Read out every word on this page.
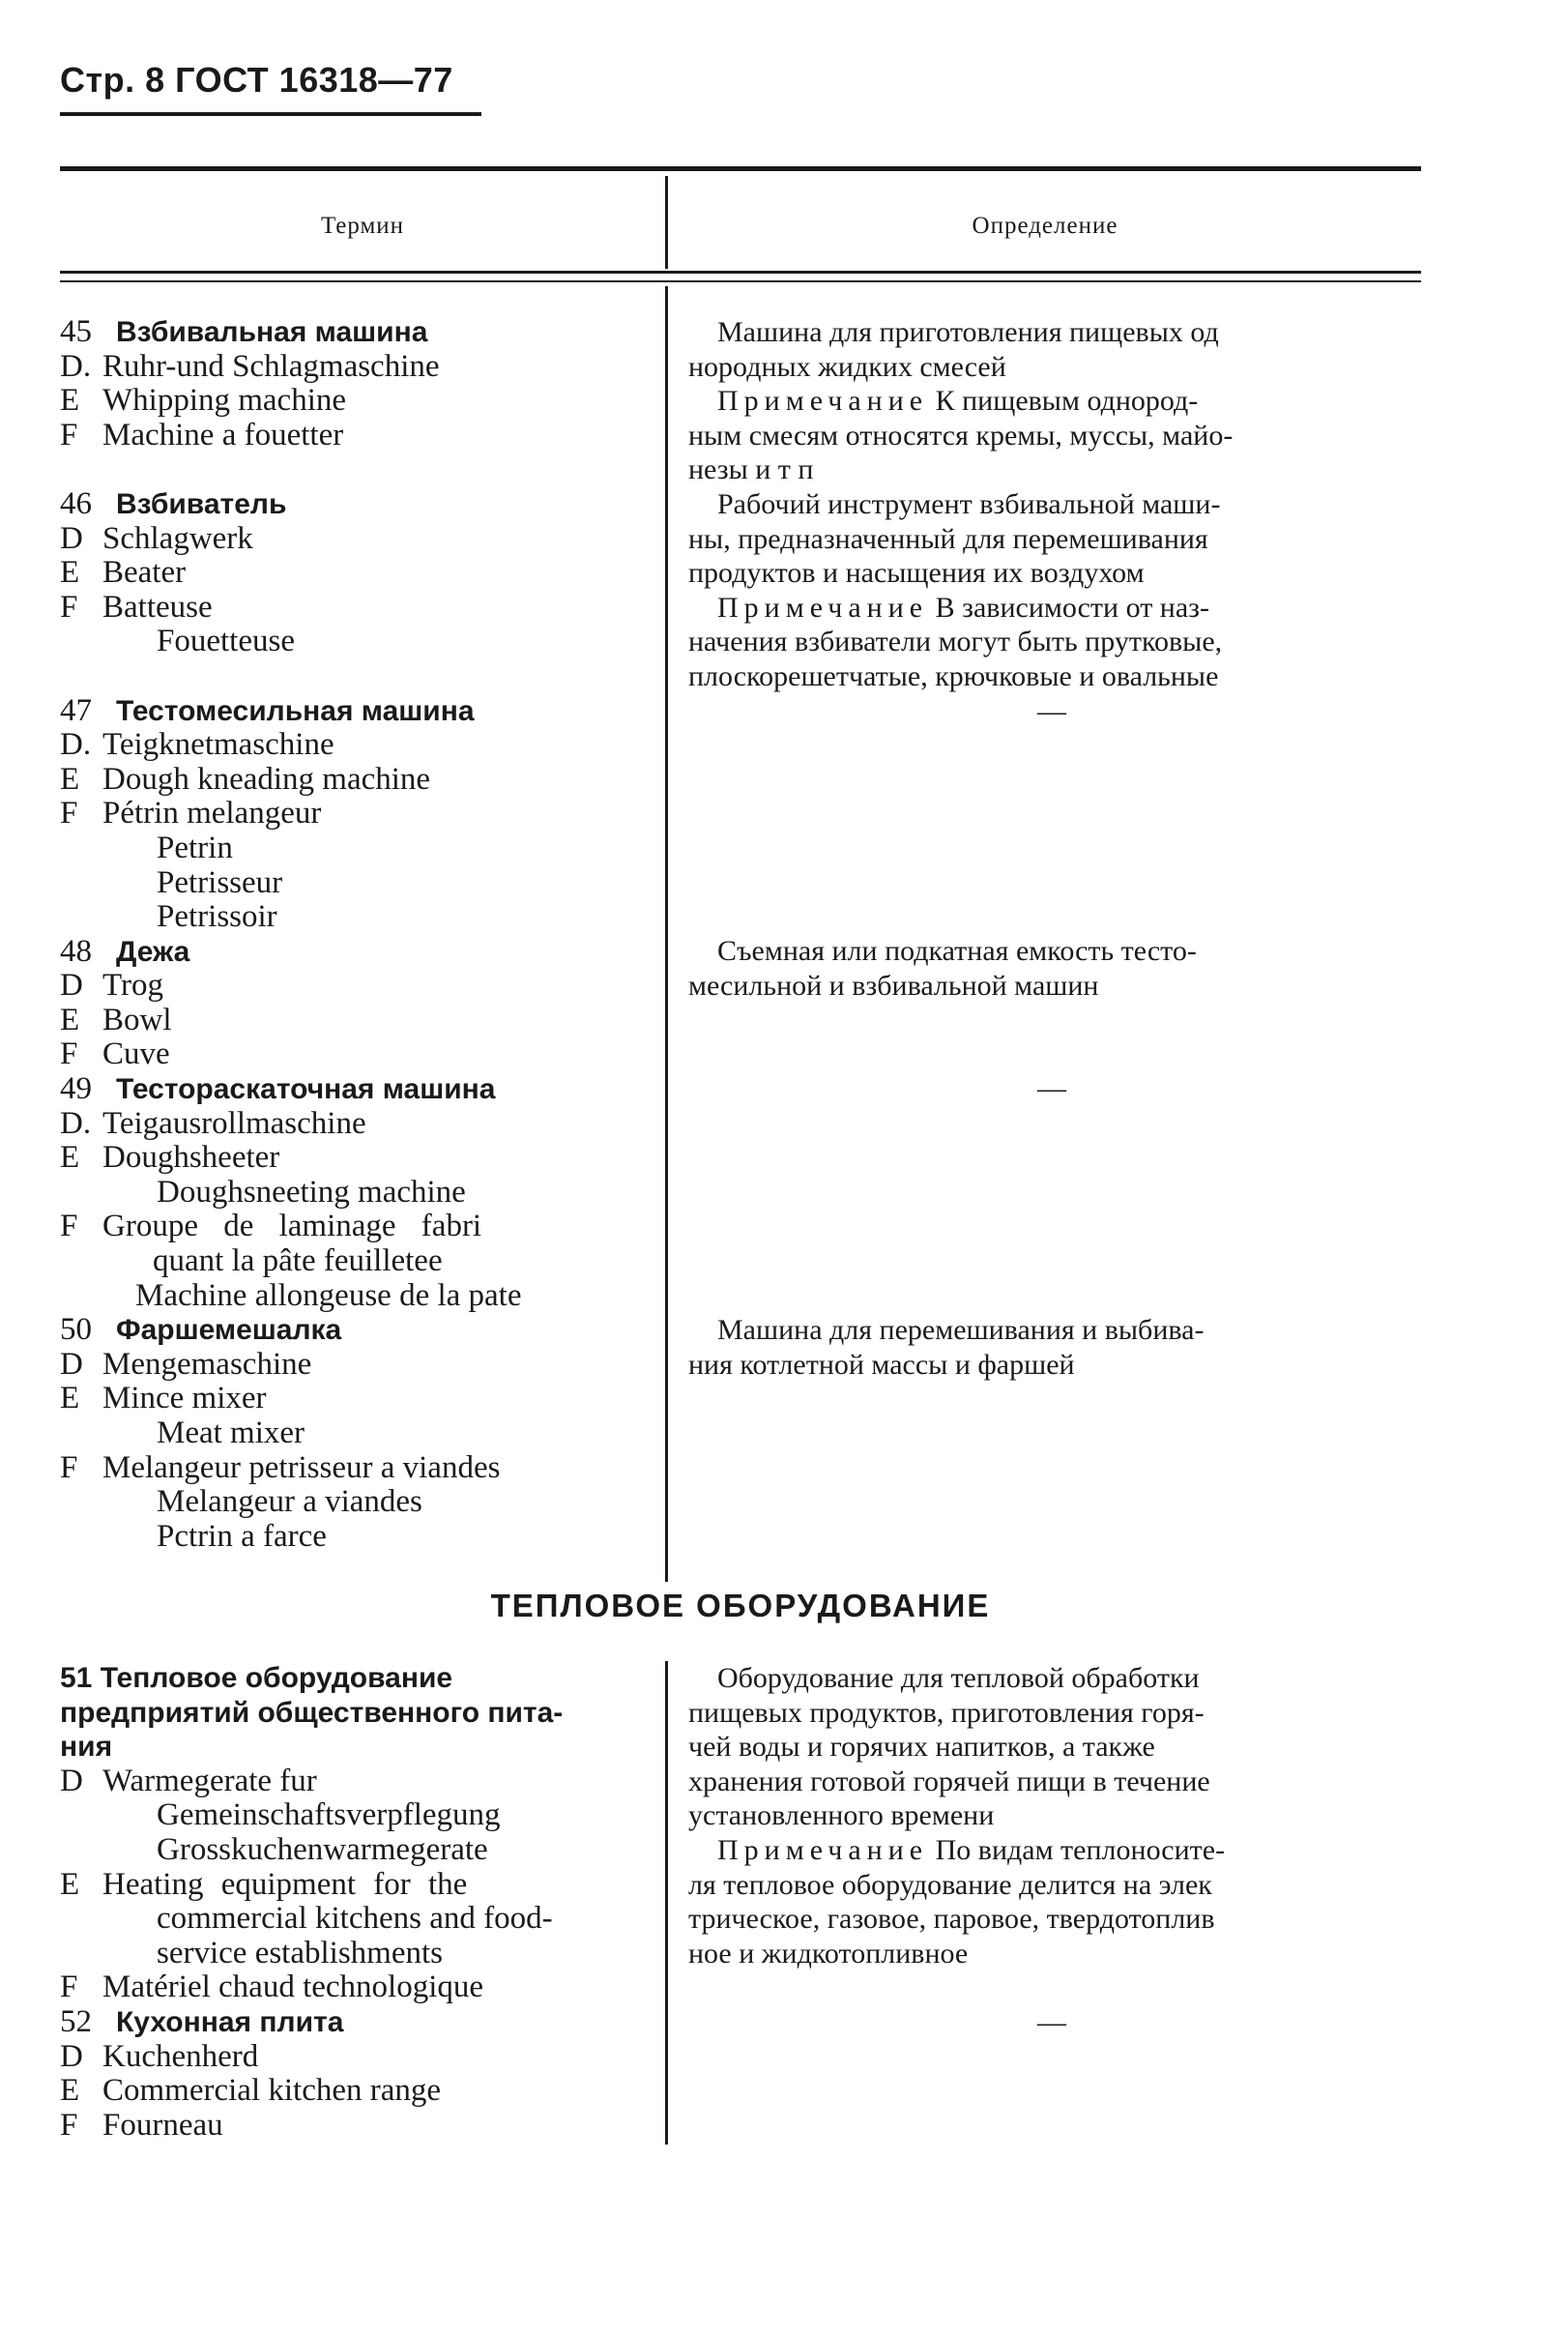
Стр. 8 ГОСТ 16318—77
Термин	Определение
45 Взбивальная машина
D. Ruhr-und Schlagmaschine
E Whipping machine
F Machine a fouetter
46 Взбиватель
D Schlagwerk
E Beater
F Batteuse
Fouetteuse
47 Тестомесильная машина
D. Teigknetmaschine
E Dough kneading machine
F Pétrin melangeur
Petrin
Petrisseur
Petrissoir
48 Дежа
D Trog
E Bowl
F Cuve
49 Тестораскаточная машина
D. Teigausrollmaschine
E Doughsheeter
Doughsneeting machine
F Groupe de laminage fabri
quant la pâte feuilletee
Machine allongeuse de la pate
50 Фаршемешалка
D Mengemaschine
E Mince mixer
Meat mixer
F Melangeur petrisseur a viandes
Melangeur a viandes
Pctrin a farce
Машина для приготовления пищевых од
нородных жидких смесей
Примечание К пищевым однород-
ным смесям относятся кремы, муссы, майо-
незы и т п
Рабочий инструмент взбивальной маши-
ны, предназначенный для перемешивания
продуктов и насыщения их воздухом
Примечание В зависимости от наз-
начения взбиватели могут быть прутковые,
плоскорешетчатые, крючковые и овальные
—
Съемная или подкатная емкость тесто-
месильной и взбивальной машин
—
Машина для перемешивания и выбива-
ния котлетной массы и фаршей
ТЕПЛОВОЕ ОБОРУДОВАНИЕ
51 Тепловое оборудование
предприятий общественного пита-
ния
D Warmegerate fur
Gemeinschaftsverpflegung
Grosskuchenwarmegerate
E Heating equipment for the
commercial kitchens and food-
service establishments
F Matériel chaud technologique
52 Кухонная плита
D Kuchenherd
E Commercial kitchen range
F Fourneau
Оборудование для тепловой обработки
пищевых продуктов, приготовления горя-
чей воды и горячих напитков, а также
хранения готовой горячей пищи в течение
установленного времени
Примечание По видам теплоносите-
ля тепловое оборудование делится на элек
трическое, газовое, паровое, твердотоплив
ное и жидкотопливное
—
